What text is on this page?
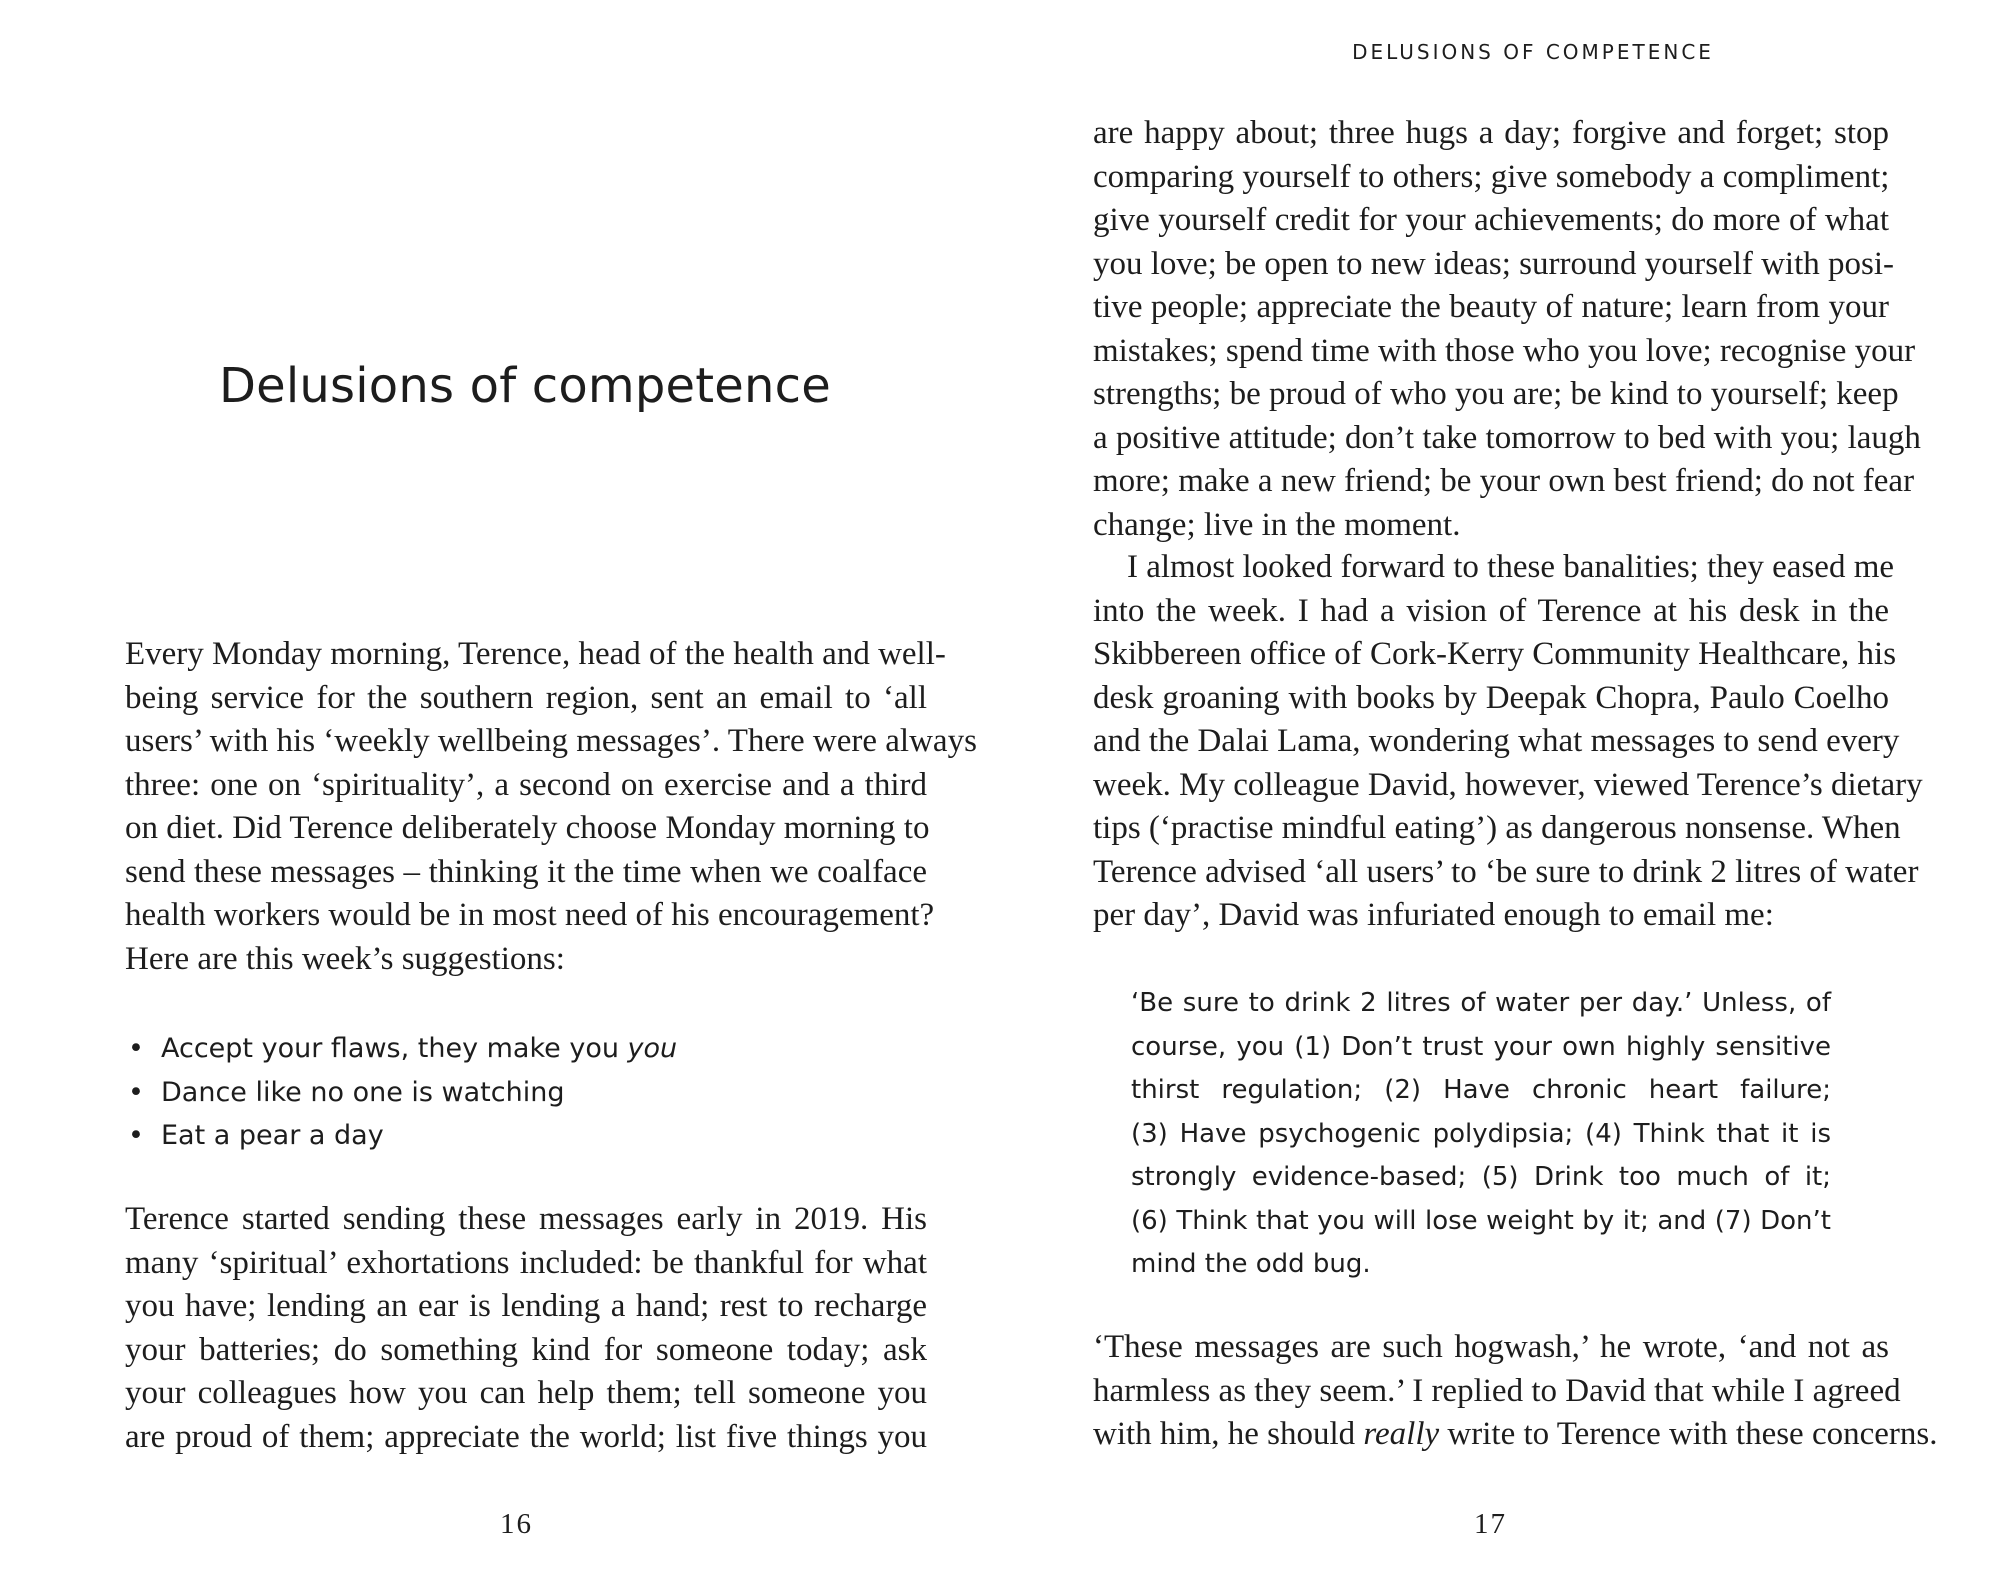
Delusions of competence
Every Monday morning, Terence, head of the health and well-
being service for the southern region, sent an email to ‘all
users’ with his ‘weekly wellbeing messages’. There were always
three: one on ‘spirituality’, a second on exercise and a third
on diet. Did Terence deliberately choose Monday morning to
send these messages – thinking it the time when we coalface
health workers would be in most need of his encouragement?
Here are this week’s suggestions:
• Accept your flaws, they make you you
• Dance like no one is watching
• Eat a pear a day
Terence started sending these messages early in 2019. His
many ‘spiritual’ exhortations included: be thankful for what
you have; lending an ear is lending a hand; rest to recharge
your batteries; do something kind for someone today; ask
your colleagues how you can help them; tell someone you
are proud of them; appreciate the world; list five things you
16
DELUSIONS OF COMPETENCE
are happy about; three hugs a day; forgive and forget; stop
comparing yourself to others; give somebody a compliment;
give yourself credit for your achievements; do more of what
you love; be open to new ideas; surround yourself with posi-
tive people; appreciate the beauty of nature; learn from your
mistakes; spend time with those who you love; recognise your
strengths; be proud of who you are; be kind to yourself; keep
a positive attitude; don’t take tomorrow to bed with you; laugh
more; make a new friend; be your own best friend; do not fear
change; live in the moment.
I almost looked forward to these banalities; they eased me
into the week. I had a vision of Terence at his desk in the
Skibbereen office of Cork-Kerry Community Healthcare, his
desk groaning with books by Deepak Chopra, Paulo Coelho
and the Dalai Lama, wondering what messages to send every
week. My colleague David, however, viewed Terence’s dietary
tips (‘practise mindful eating’) as dangerous nonsense. When
Terence advised ‘all users’ to ‘be sure to drink 2 litres of water
per day’, David was infuriated enough to email me:
‘Be sure to drink 2 litres of water per day.’ Unless, of
course, you (1) Don’t trust your own highly sensitive
thirst regulation; (2) Have chronic heart failure;
(3) Have psychogenic polydipsia; (4) Think that it is
strongly evidence-based; (5) Drink too much of it;
(6) Think that you will lose weight by it; and (7) Don’t
mind the odd bug.
‘These messages are such hogwash,’ he wrote, ‘and not as
harmless as they seem.’ I replied to David that while I agreed
with him, he should really write to Terence with these concerns.
17
